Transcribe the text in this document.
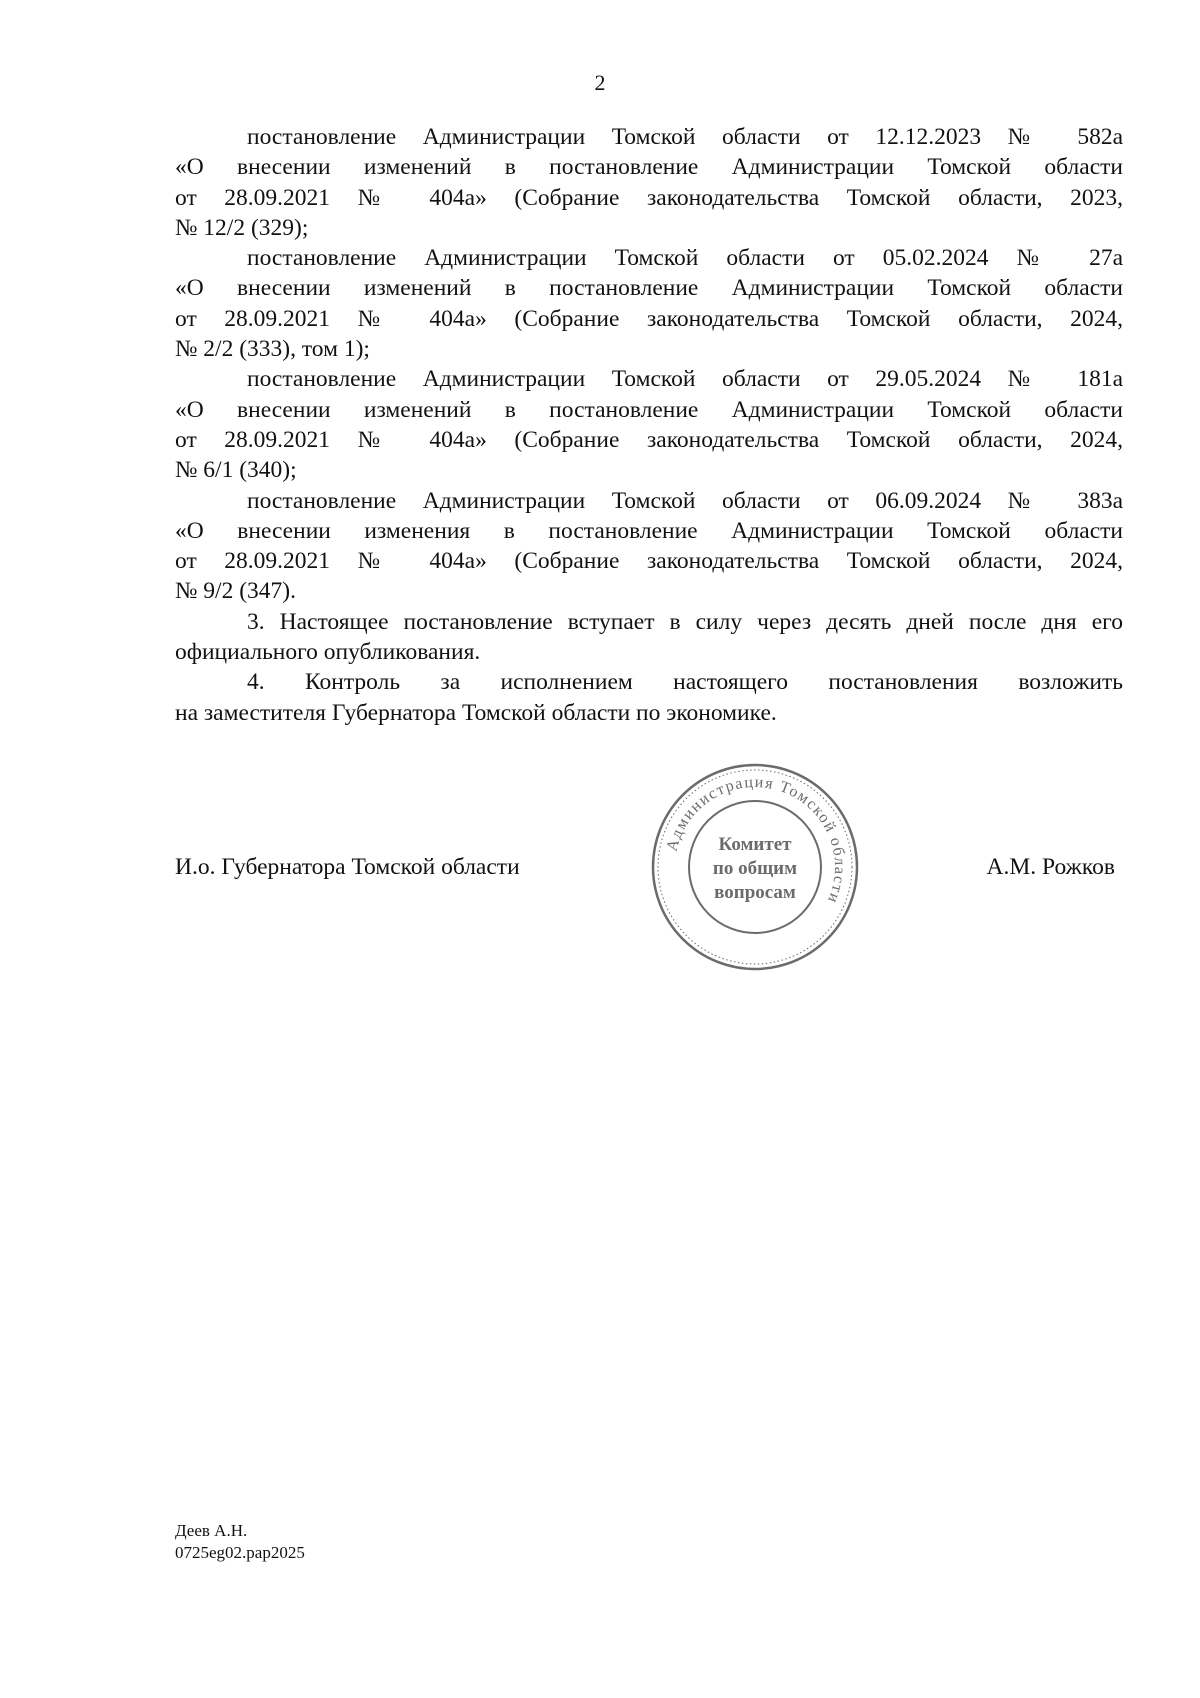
2

постановление Администрации Томской области от 12.12.2023 № 582а
«О внесении изменений в постановление Администрации Томской области
от 28.09.2021 № 404а» (Собрание законодательства Томской области, 2023,
№ 12/2 (329);

постановление Администрации Томской области от 05.02.2024 № 27а
«О внесении изменений в постановление Администрации Томской области
от 28.09.2021 № 404а» (Собрание законодательства Томской области, 2024,
№ 2/2 (333), том 1);

постановление Администрации Томской области от 29.05.2024 № 181а
«О внесении изменений в постановление Администрации Томской области
от 28.09.2021 № 404а» (Собрание законодательства Томской области, 2024,
№ 6/1 (340);

постановление Администрации Томской области от 06.09.2024 № 383а
«О внесении изменения в постановление Администрации Томской области
от 28.09.2021 № 404а» (Собрание законодательства Томской области, 2024,
№ 9/2 (347).

3. Настоящее постановление вступает в силу через десять дней после дня его
официального опубликования.

4. Контроль за исполнением настоящего постановления возложить
на заместителя Губернатора Томской области по экономике.

И.о. Губернатора Томской области	А.М. Рожков
Администрация Томской области
Комитет
по общим
вопросам
Деев А.Н.
0725eg02.pap2025
